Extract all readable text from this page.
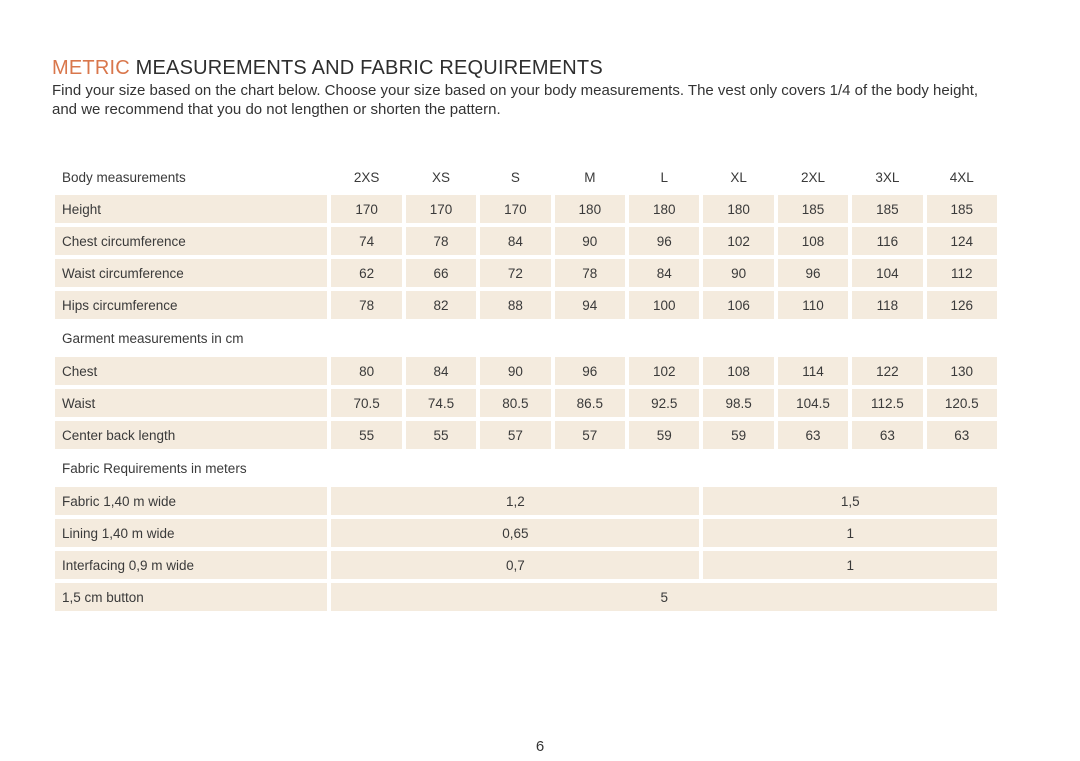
METRIC MEASUREMENTS AND FABRIC REQUIREMENTS
Find your size based on the chart below. Choose your size based on your body measurements. The vest only covers 1/4 of the body height, and we recommend that you do not lengthen or shorten the pattern.
Body measurements	2XS	XS	S	M	L	XL	2XL	3XL	4XL
Height	170	170	170	180	180	180	185	185	185
Chest circumference	74	78	84	90	96	102	108	116	124
Waist circumference	62	66	72	78	84	90	96	104	112
Hips circumference	78	82	88	94	100	106	110	118	126
Garment measurements in cm									
Chest	80	84	90	96	102	108	114	122	130
Waist	70.5	74.5	80.5	86.5	92.5	98.5	104.5	112.5	120.5
Center back length	55	55	57	57	59	59	63	63	63
Fabric Requirements in meters									
Fabric 1,40 m wide	1,2					1,5			
Lining 1,40 m wide	0,65					1			
Interfacing 0,9 m wide	0,7					1			
1,5 cm button	5								
6
